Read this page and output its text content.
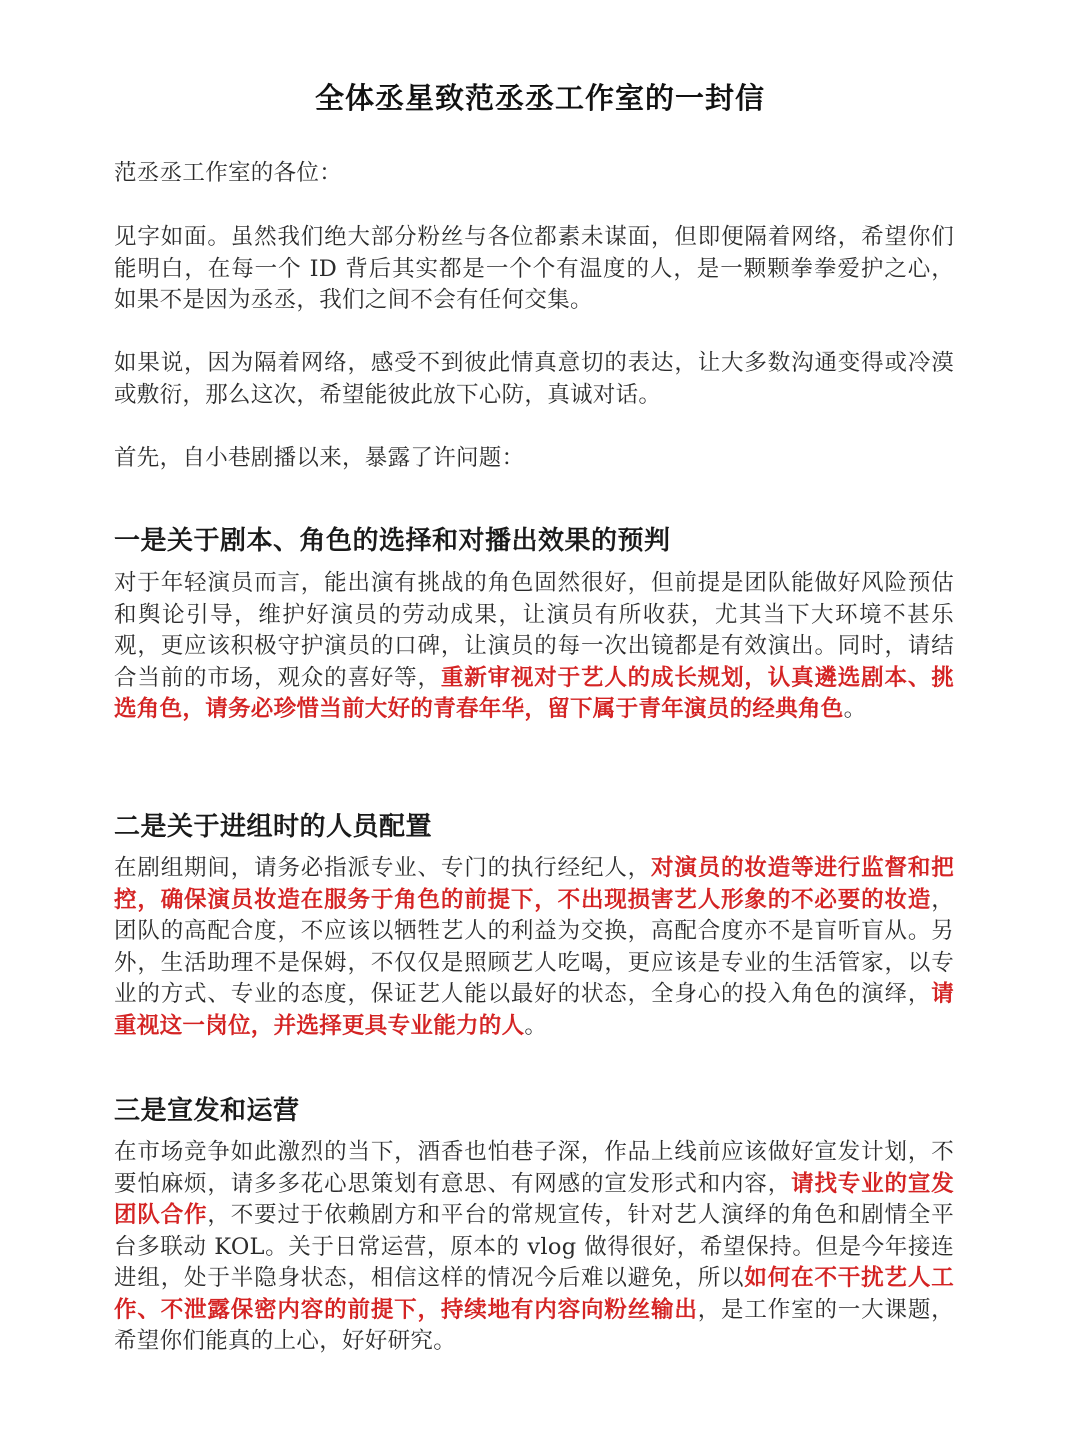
全体丞星致范丞丞工作室的一封信

范丞丞工作室的各位：

见字如面。虽然我们绝大部分粉丝与各位都素未谋面，但即便隔着网络，希望你们能明白，在每一个 ID 背后其实都是一个个有温度的人，是一颗颗拳拳爱护之心，如果不是因为丞丞，我们之间不会有任何交集。

如果说，因为隔着网络，感受不到彼此情真意切的表达，让大多数沟通变得或冷漠或敷衍，那么这次，希望能彼此放下心防，真诚对话。

首先，自小巷剧播以来，暴露了许问题：

一是关于剧本、角色的选择和对播出效果的预判

对于年轻演员而言，能出演有挑战的角色固然很好，但前提是团队能做好风险预估和舆论引导，维护好演员的劳动成果，让演员有所收获，尤其当下大环境不甚乐观，更应该积极守护演员的口碑，让演员的每一次出镜都是有效演出。同时，请结合当前的市场，观众的喜好等，重新审视对于艺人的成长规划，认真遴选剧本、挑选角色，请务必珍惜当前大好的青春年华，留下属于青年演员的经典角色。

二是关于进组时的人员配置

在剧组期间，请务必指派专业、专门的执行经纪人，对演员的妆造等进行监督和把控，确保演员妆造在服务于角色的前提下，不出现损害艺人形象的不必要的妆造，团队的高配合度，不应该以牺牲艺人的利益为交换，高配合度亦不是盲听盲从。另外，生活助理不是保姆，不仅仅是照顾艺人吃喝，更应该是专业的生活管家，以专业的方式、专业的态度，保证艺人能以最好的状态，全身心的投入角色的演绎，请重视这一岗位，并选择更具专业能力的人。

三是宣发和运营

在市场竞争如此激烈的当下，酒香也怕巷子深，作品上线前应该做好宣发计划，不要怕麻烦，请多多花心思策划有意思、有网感的宣发形式和内容，请找专业的宣发团队合作，不要过于依赖剧方和平台的常规宣传，针对艺人演绎的角色和剧情全平台多联动 KOL。关于日常运营，原本的 vlog 做得很好，希望保持。但是今年接连进组，处于半隐身状态，相信这样的情况今后难以避免，所以如何在不干扰艺人工作、不泄露保密内容的前提下，持续地有内容向粉丝输出，是工作室的一大课题，希望你们能真的上心，好好研究。
